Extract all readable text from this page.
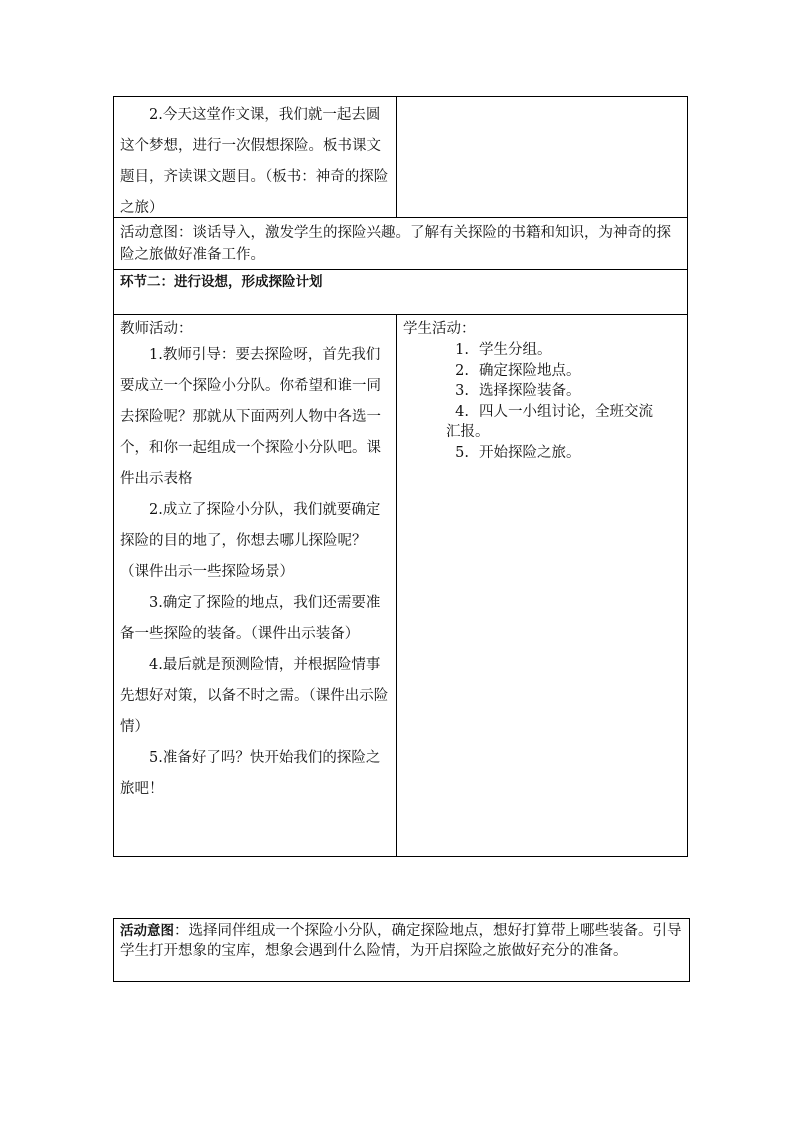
2.今天这堂作文课，我们就一起去圆这个梦想，进行一次假想探险。板书课文题目，齐读课文题目。（板书：神奇的探险之旅）

活动意图：谈话导入，激发学生的探险兴趣。了解有关探险的书籍和知识，为神奇的探险之旅做好准备工作。

环节二：进行设想，形成探险计划

教师活动：

1.教师引导：要去探险呀，首先我们要成立一个探险小分队。你希望和谁一同去探险呢？那就从下面两列人物中各选一个，和你一起组成一个探险小分队吧。课件出示表格

2.成立了探险小分队，我们就要确定探险的目的地了，你想去哪儿探险呢？（课件出示一些探险场景）

3.确定了探险的地点，我们还需要准备一些探险的装备。（课件出示装备）

4.最后就是预测险情，并根据险情事先想好对策，以备不时之需。（课件出示险情）

5.准备好了吗？快开始我们的探险之旅吧！

学生活动：

1. 学生分组。
2. 确定探险地点。
3. 选择探险装备。
4. 四人一小组讨论，全班交流
汇报。
5. 开始探险之旅。
活动意图：选择同伴组成一个探险小分队，确定探险地点，想好打算带上哪些装备。引导学生打开想象的宝库，想象会遇到什么险情，为开启探险之旅做好充分的准备。
